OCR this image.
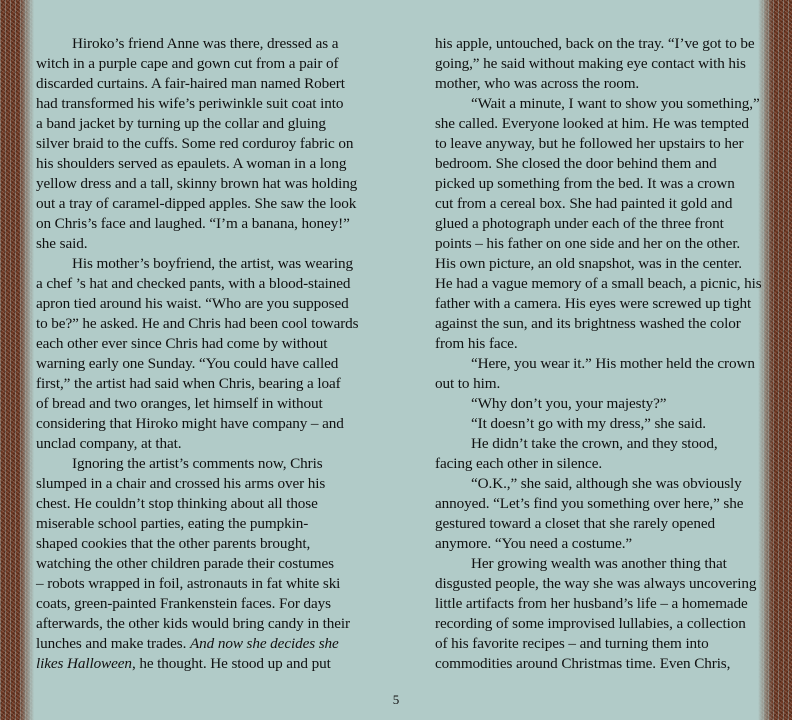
Hiroko’s friend Anne was there, dressed as a
witch in a purple cape and gown cut from a pair of
discarded curtains. A fair-haired man named Robert
had transformed his wife’s periwinkle suit coat into
a band jacket by turning up the collar and gluing
silver braid to the cuffs. Some red corduroy fabric on
his shoulders served as epaulets. A woman in a long
yellow dress and a tall, skinny brown hat was holding
out a tray of caramel-dipped apples. She saw the look
on Chris’s face and laughed. “I’m a banana, honey!”
she said.
His mother’s boyfriend, the artist, was wearing
a chef ’s hat and checked pants, with a blood-stained
apron tied around his waist. “Who are you supposed
to be?” he asked. He and Chris had been cool towards
each other ever since Chris had come by without
warning early one Sunday. “You could have called
first,” the artist had said when Chris, bearing a loaf
of bread and two oranges, let himself in without
considering that Hiroko might have company – and
unclad company, at that.
Ignoring the artist’s comments now, Chris
slumped in a chair and crossed his arms over his
chest. He couldn’t stop thinking about all those
miserable school parties, eating the pumpkin-
shaped cookies that the other parents brought,
watching the other children parade their costumes
– robots wrapped in foil, astronauts in fat white ski
coats, green-painted Frankenstein faces. For days
afterwards, the other kids would bring candy in their
lunches and make trades. And now she decides she
likes Halloween, he thought. He stood up and put
his apple, untouched, back on the tray. “I’ve got to be
going,” he said without making eye contact with his
mother, who was across the room.
“Wait a minute, I want to show you something,”
she called. Everyone looked at him. He was tempted
to leave anyway, but he followed her upstairs to her
bedroom. She closed the door behind them and
picked up something from the bed. It was a crown
cut from a cereal box. She had painted it gold and
glued a photograph under each of the three front
points – his father on one side and her on the other.
His own picture, an old snapshot, was in the center.
He had a vague memory of a small beach, a picnic, his
father with a camera. His eyes were screwed up tight
against the sun, and its brightness washed the color
from his face.
“Here, you wear it.” His mother held the crown
out to him.
“Why don’t you, your majesty?”
“It doesn’t go with my dress,” she said.
He didn’t take the crown, and they stood,
facing each other in silence.
“O.K.,” she said, although she was obviously
annoyed. “Let’s find you something over here,” she
gestured toward a closet that she rarely opened
anymore. “You need a costume.”
Her growing wealth was another thing that
disgusted people, the way she was always uncovering
little artifacts from her husband’s life – a homemade
recording of some improvised lullabies, a collection
of his favorite recipes – and turning them into
commodities around Christmas time. Even Chris,
5
